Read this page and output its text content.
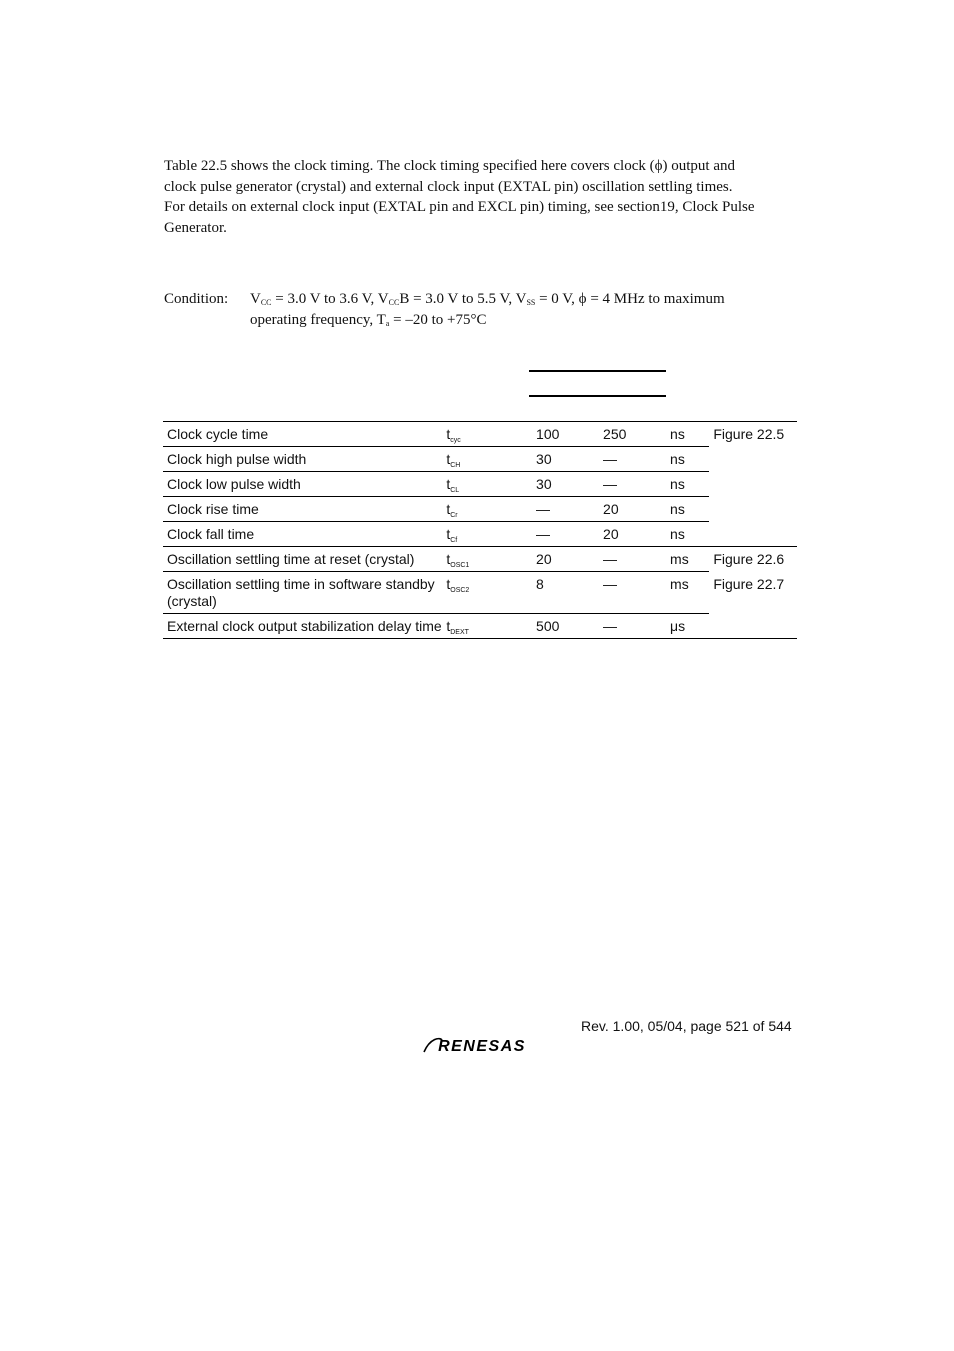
Table 22.5 shows the clock timing. The clock timing specified here covers clock (ϕ) output and

clock pulse generator (crystal) and external clock input (EXTAL pin) oscillation settling times.

For details on external clock input (EXTAL pin and EXCL pin) timing, see section19, Clock Pulse

Generator.

Condition: $V_{CC} = 3.0$ V to 3.6 V, $V_{CC}B = 3.0$ V to 5.5 V, $V_{SS} = 0$ V, ϕ = 4 MHz to maximum
operating frequency, $T_a = -20$ to +75°C
Clock cycle time	$t_{cyc}$	100	250	ns	Figure 22.5
Clock high pulse width	$t_{CH}$	30	—	ns	
Clock low pulse width	$t_{CL}$	30	—	ns	
Clock rise time	$t_{Cr}$	—	20	ns	
Clock fall time	$t_{Cf}$	—	20	ns	
Oscillation settling time at reset (crystal)	$t_{OSC1}$	20	—	ms	Figure 22.6
Oscillation settling time in software standby (crystal)	$t_{OSC2}$	8	—	ms	Figure 22.7
External clock output stabilization delay time	$t_{DEXT}$	500	—	μs	
Rev. 1.00, 05/04, page 521 of 544
RENESAS
